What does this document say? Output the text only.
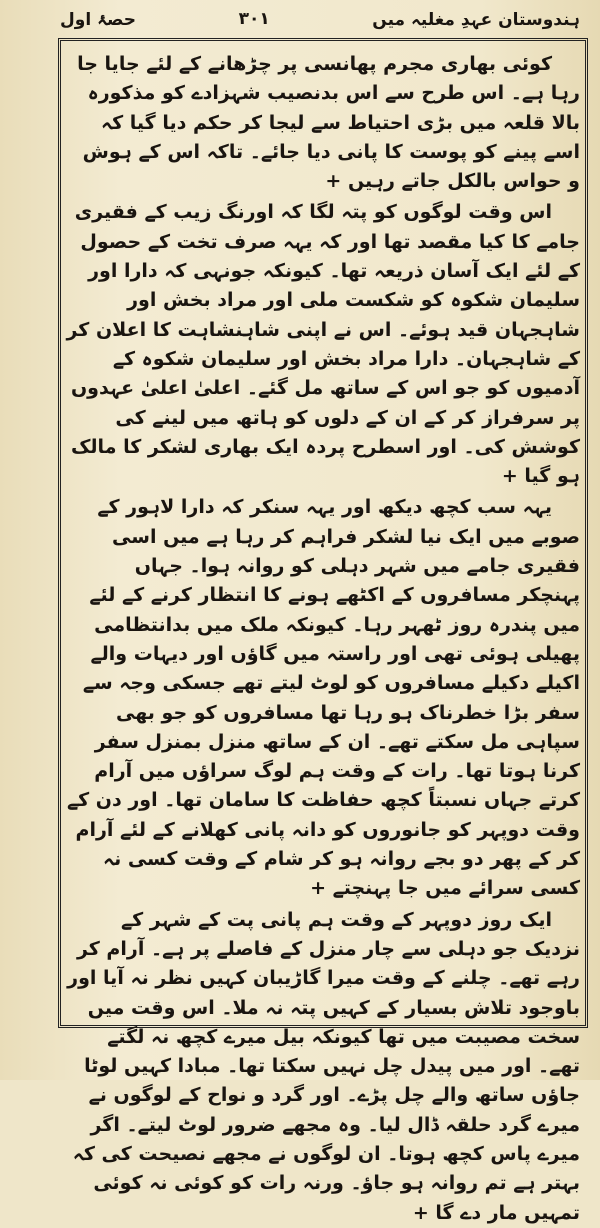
ہندوستان عہدِ مغلیہ میں
۳۰۱
حصۂ اول

کوئی بھاری مجرم پھانسی پر چڑھانے کے لئے جایا جا رہا ہے۔ اس طرح سے اس بدنصیب شہزادے کو مذکورہ بالا قلعہ میں بڑی احتیاط سے لیجا کر حکم دیا گیا کہ اسے پینے کو پوست کا پانی دیا جائے۔ تاکہ اس کے ہوش و حواس بالکل جاتے رہیں +

اس وقت لوگوں کو پتہ لگا کہ اورنگ زیب کے فقیری جامے کا کیا مقصد تھا اور کہ یہہ صرف تخت کے حصول کے لئے ایک آسان ذریعہ تھا۔ کیونکہ جونہی کہ دارا اور سلیمان شکوہ کو شکست ملی اور مراد بخش اور شاہجہان قید ہوئے۔ اس نے اپنی شاہنشاہت کا اعلان کر کے شاہجہان۔ دارا مراد بخش اور سلیمان شکوہ کے آدمیوں کو جو اس کے ساتھ مل گئے۔ اعلیٰ اعلیٰ عہدوں پر سرفراز کر کے ان کے دلوں کو ہاتھ میں لینے کی کوشش کی۔ اور اسطرح پردہ ایک بھاری لشکر کا مالک ہو گیا +

یہہ سب کچھ دیکھ اور یہہ سنکر کہ دارا لاہور کے صوبے میں ایک نیا لشکر فراہم کر رہا ہے میں اسی فقیری جامے میں شہر دہلی کو روانہ ہوا۔ جہاں پہنچکر مسافروں کے اکٹھے ہونے کا انتظار کرنے کے لئے میں پندرہ روز ٹھہر رہا۔ کیونکہ ملک میں بدانتظامی پھیلی ہوئی تھی اور راستہ میں گاؤں اور دیہات والے اکیلے دکیلے مسافروں کو لوٹ لیتے تھے جسکی وجہ سے سفر بڑا خطرناک ہو رہا تھا مسافروں کو جو بھی سپاہی مل سکتے تھے۔ ان کے ساتھ منزل بمنزل سفر کرنا ہوتا تھا۔ رات کے وقت ہم لوگ سراؤں میں آرام کرتے جہاں نسبتاً کچھ حفاظت کا سامان تھا۔ اور دن کے وقت دوپہر کو جانوروں کو دانہ پانی کھلانے کے لئے آرام کر کے پھر دو بجے روانہ ہو کر شام کے وقت کسی نہ کسی سرائے میں جا پہنچتے +

ایک روز دوپہر کے وقت ہم پانی پت کے شہر کے نزدیک جو دہلی سے چار منزل کے فاصلے پر ہے۔ آرام کر رہے تھے۔ چلنے کے وقت میرا گاڑیبان کہیں نظر نہ آیا اور باوجود تلاش بسیار کے کہیں پتہ نہ ملا۔ اس وقت میں سخت مصیبت میں تھا کیونکہ بیل میرے کچھ نہ لگتے تھے۔ اور میں پیدل چل نہیں سکتا تھا۔ مبادا کہیں لوٹا جاؤں ساتھ والے چل پڑے۔ اور گرد و نواح کے لوگوں نے میرے گرد حلقہ ڈال لیا۔ وہ مجھے ضرور لوٹ لیتے۔ اگر میرے پاس کچھ ہوتا۔ ان لوگوں نے مجھے نصیحت کی کہ بہتر ہے تم روانہ ہو جاؤ۔ ورنہ رات کو کوئی نہ کوئی تمہیں مار دے گا +
